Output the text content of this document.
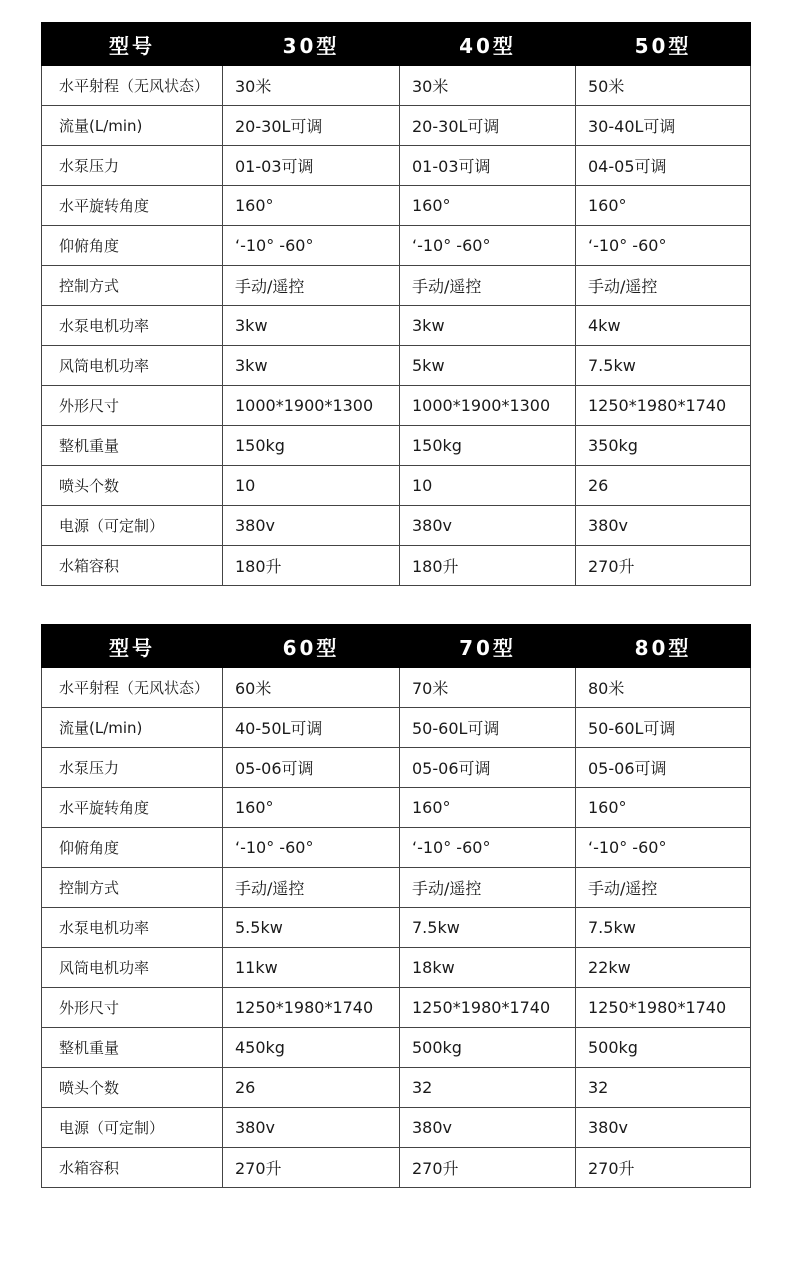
型号	30型	40型	50型
水平射程（无风状态）	30米	30米	50米
流量(L/min)	20-30L可调	20-30L可调	30-40L可调
水泵压力	01-03可调	01-03可调	04-05可调
水平旋转角度	160°	160°	160°
仰俯角度	‘-10° -60°	‘-10° -60°	‘-10° -60°
控制方式	手动/遥控	手动/遥控	手动/遥控
水泵电机功率	3kw	3kw	4kw
风筒电机功率	3kw	5kw	7.5kw
外形尺寸	1000*1900*1300	1000*1900*1300	1250*1980*1740
整机重量	150kg	150kg	350kg
喷头个数	10	10	26
电源（可定制）	380v	380v	380v
水箱容积	180升	180升	270升
型号	60型	70型	80型
水平射程（无风状态）	60米	70米	80米
流量(L/min)	40-50L可调	50-60L可调	50-60L可调
水泵压力	05-06可调	05-06可调	05-06可调
水平旋转角度	160°	160°	160°
仰俯角度	‘-10° -60°	‘-10° -60°	‘-10° -60°
控制方式	手动/遥控	手动/遥控	手动/遥控
水泵电机功率	5.5kw	7.5kw	7.5kw
风筒电机功率	11kw	18kw	22kw
外形尺寸	1250*1980*1740	1250*1980*1740	1250*1980*1740
整机重量	450kg	500kg	500kg
喷头个数	26	32	32
电源（可定制）	380v	380v	380v
水箱容积	270升	270升	270升
